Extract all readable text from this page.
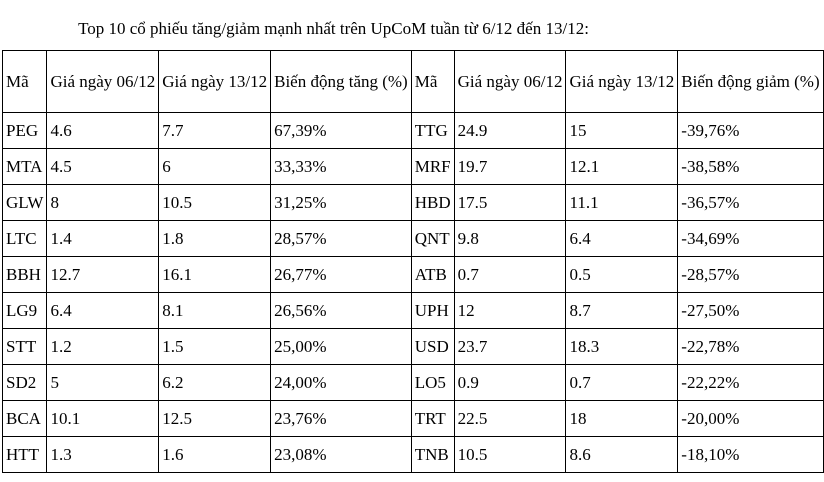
Top 10 cổ phiếu tăng/giảm mạnh nhất trên UpCoM tuần từ 6/12 đến 13/12:
Mã	Giá ngày 06/12	Giá ngày 13/12	Biến động tăng (%)	Mã	Giá ngày 06/12	Giá ngày 13/12	Biến động giảm (%)
PEG	4.6	7.7	67,39%	TTG	24.9	15	-39,76%
MTA	4.5	6	33,33%	MRF	19.7	12.1	-38,58%
GLW	8	10.5	31,25%	HBD	17.5	11.1	-36,57%
LTC	1.4	1.8	28,57%	QNT	9.8	6.4	-34,69%
BBH	12.7	16.1	26,77%	ATB	0.7	0.5	-28,57%
LG9	6.4	8.1	26,56%	UPH	12	8.7	-27,50%
STT	1.2	1.5	25,00%	USD	23.7	18.3	-22,78%
SD2	5	6.2	24,00%	LO5	0.9	0.7	-22,22%
BCA	10.1	12.5	23,76%	TRT	22.5	18	-20,00%
HTT	1.3	1.6	23,08%	TNB	10.5	8.6	-18,10%
